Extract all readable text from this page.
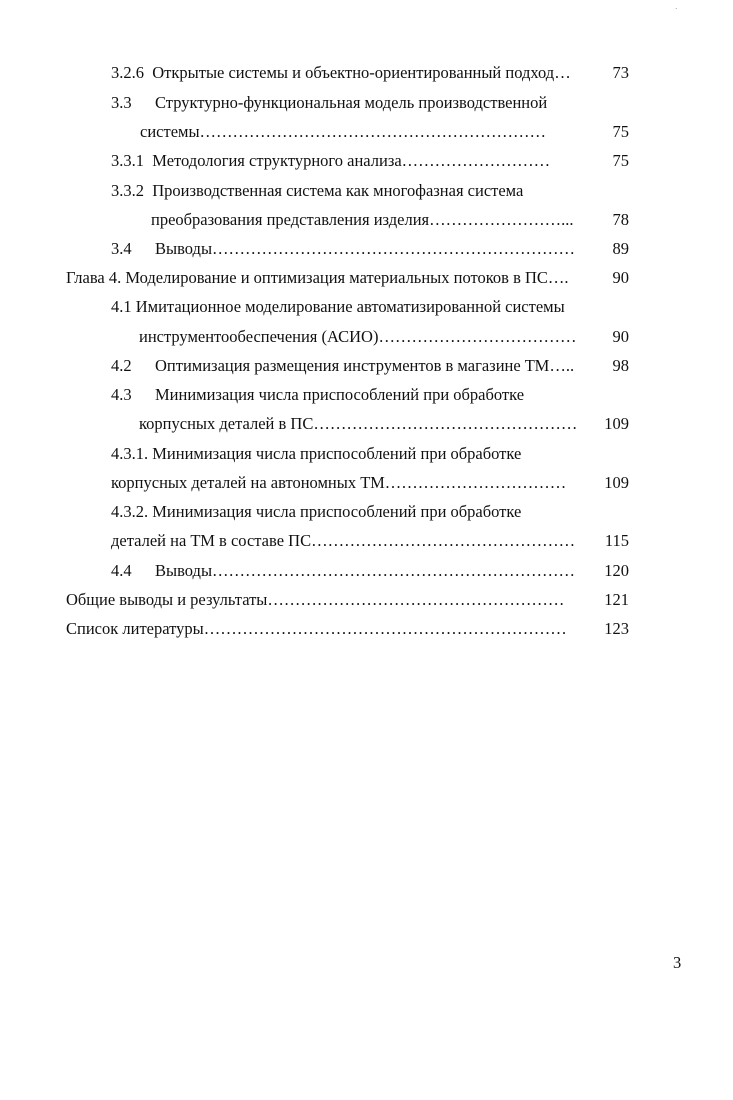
·
3.2.6 Открытые системы и объектно-ориентированный подход…	73
3.3 Структурно-функциональная модель производственной
системы………………………………………………………	75
3.3.1 Методология структурного анализа………………………	75
3.3.2 Производственная система как многофазная система
преобразования представления изделия……………………... 78
3.4 Выводы………………………………………………………… 89
Глава 4. Моделирование и оптимизация материальных потоков в ПС….	90
4.1 Имитационное моделирование автоматизированной системы
инструментообеспечения (АСИО)……………………………… 90
4.2 Оптимизация размещения инструментов в магазине ТМ….. 98
4.3 Минимизация числа приспособлений при обработке
корпусных деталей в ПС………………………………………… 109
4.3.1. Минимизация числа приспособлений при обработке
корпусных деталей на автономных ТМ…………………………… 109
4.3.2. Минимизация числа приспособлений при обработке
деталей на ТМ в составе ПС………………………………………… 115
4.4 Выводы………………………………………………………… 120
Общие выводы и результаты……………………………………………… 121
Список литературы………………………………………………………… 123
3
